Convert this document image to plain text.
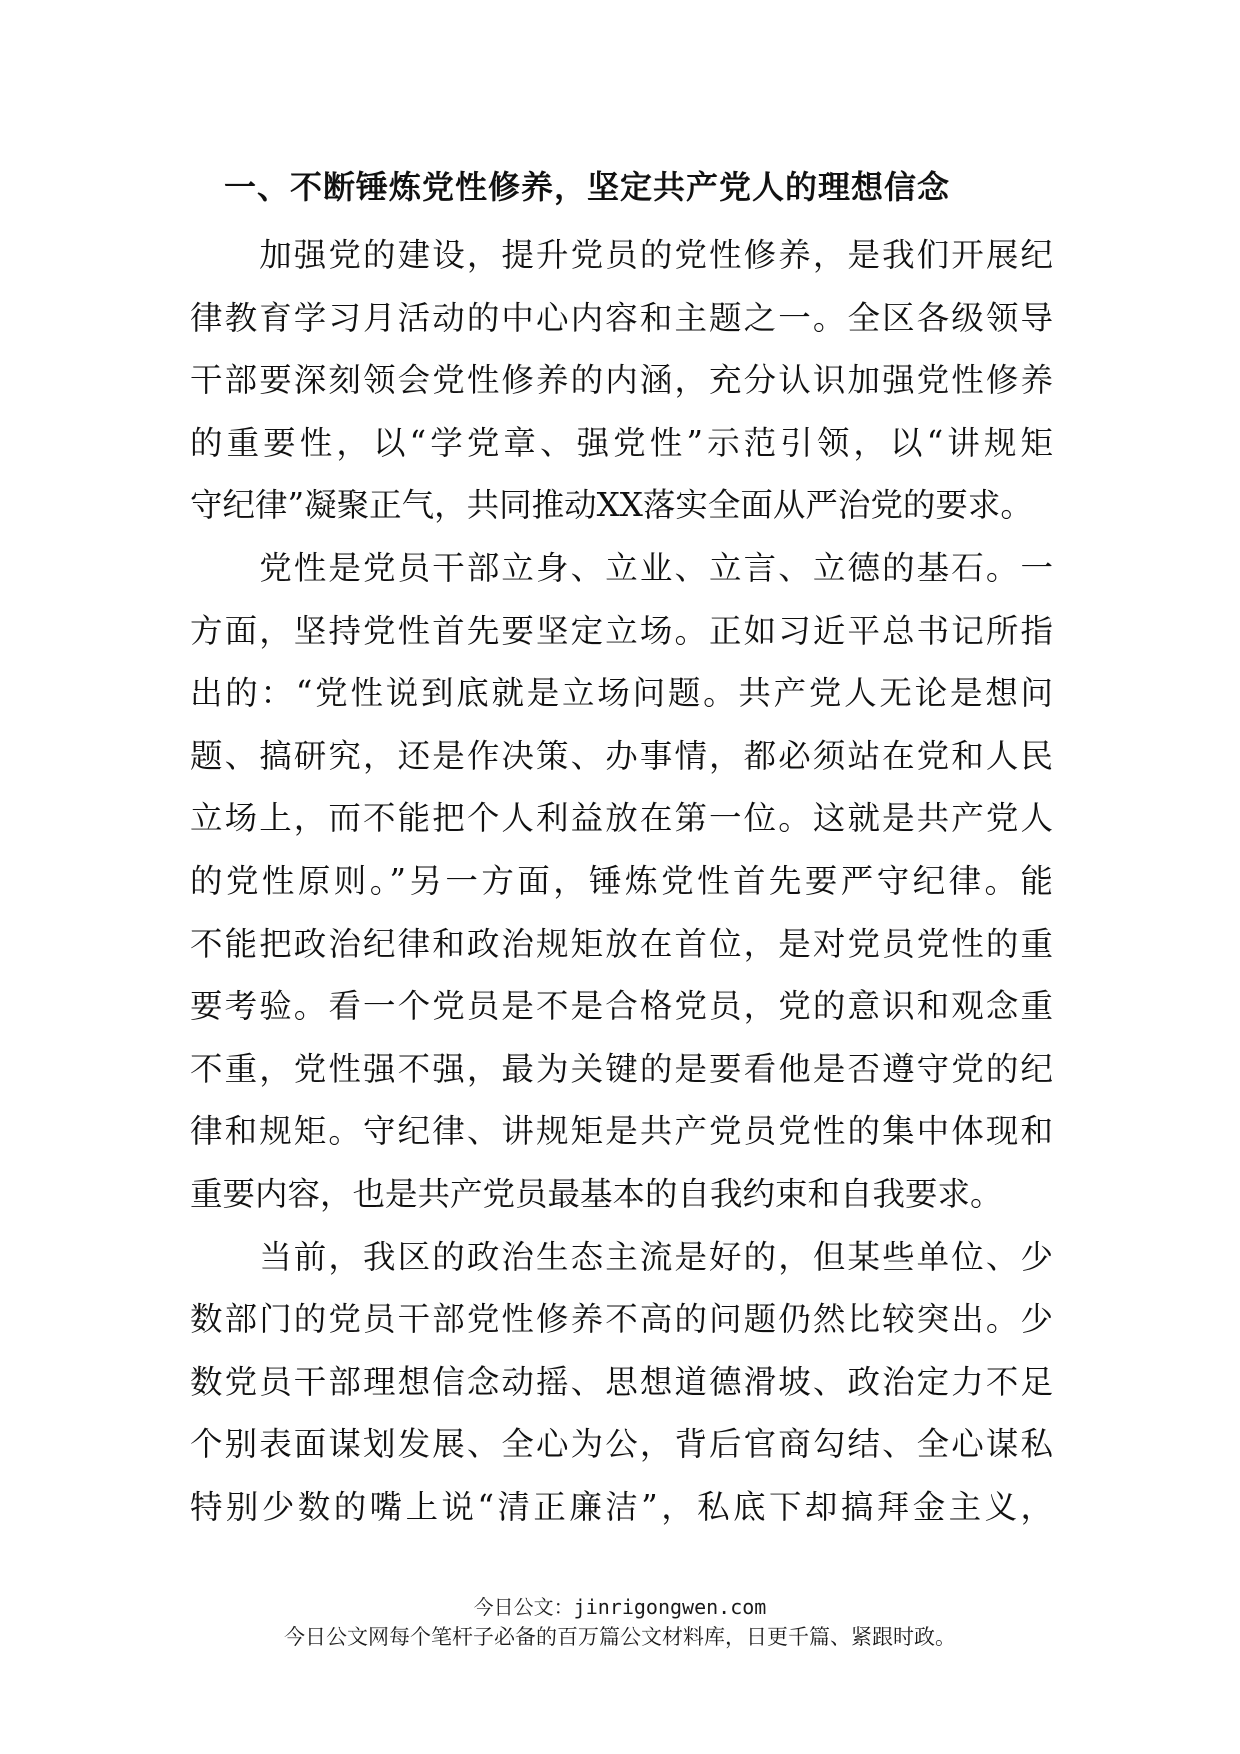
一、不断锤炼党性修养，坚定共产党人的理想信念
　　加强党的建设，提升党员的党性修养，是我们开展纪
律教育学习月活动的中心内容和主题之一。全区各级领导
干部要深刻领会党性修养的内涵，充分认识加强党性修养
的重要性，以“学党章、强党性”示范引领，以“讲规矩
守纪律”凝聚正气，共同推动XX落实全面从严治党的要求。
　　党性是党员干部立身、立业、立言、立德的基石。一
方面，坚持党性首先要坚定立场。正如习近平总书记所指
出的：“党性说到底就是立场问题。共产党人无论是想问
题、搞研究，还是作决策、办事情，都必须站在党和人民
立场上，而不能把个人利益放在第一位。这就是共产党人
的党性原则。”另一方面，锤炼党性首先要严守纪律。能
不能把政治纪律和政治规矩放在首位，是对党员党性的重
要考验。看一个党员是不是合格党员，党的意识和观念重
不重，党性强不强，最为关键的是要看他是否遵守党的纪
律和规矩。守纪律、讲规矩是共产党员党性的集中体现和
重要内容，也是共产党员最基本的自我约束和自我要求。
　　当前，我区的政治生态主流是好的，但某些单位、少
数部门的党员干部党性修养不高的问题仍然比较突出。少
数党员干部理想信念动摇、思想道德滑坡、政治定力不足
个别表面谋划发展、全心为公，背后官商勾结、全心谋私
特别少数的嘴上说“清正廉洁”，私底下却搞拜金主义，
今日公文：jinrigongwen.com
今日公文网每个笔杆子必备的百万篇公文材料库，日更千篇、紧跟时政。
